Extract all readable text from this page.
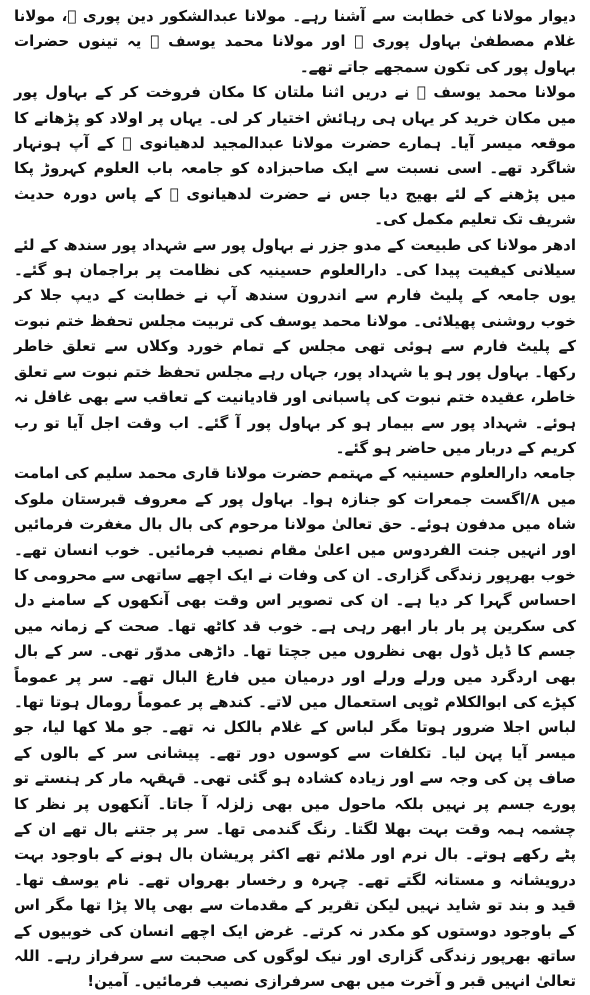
دیوار مولانا کی خطابت سے آشنا رہے۔ مولانا عبدالشکور دین پوری ﷫، مولانا غلام مصطفیٰ بہاول پوری ﷫ اور مولانا محمد یوسف ﷫ یہ تینوں حضرات بہاول پور کی تکون سمجھے جاتے تھے۔

مولانا محمد یوسف ﷫ نے دریں اثنا ملتان کا مکان فروخت کر کے بہاول پور میں مکان خرید کر یہاں ہی رہائش اختیار کر لی۔ یہاں پر اولاد کو پڑھانے کا موقعہ میسر آیا۔ ہمارے حضرت مولانا عبدالمجید لدھیانوی ﷫ کے آپ ہونہار شاگرد تھے۔ اسی نسبت سے ایک صاحبزادہ کو جامعہ باب العلوم کہروڑ پکا میں پڑھنے کے لئے بھیج دیا جس نے حضرت لدھیانوی ﷫ کے پاس دورہ حدیث شریف تک تعلیم مکمل کی۔

ادھر مولانا کی طبیعت کے مدو جزر نے بہاول پور سے شہداد پور سندھ کے لئے سیلانی کیفیت پیدا کی۔ دارالعلوم حسینیہ کی نظامت پر براجمان ہو گئے۔ یوں جامعہ کے پلیٹ فارم سے اندرون سندھ آپ نے خطابت کے دیپ جلا کر خوب روشنی پھیلائی۔ مولانا محمد یوسف کی تربیت مجلس تحفظ ختم نبوت کے پلیٹ فارم سے ہوئی تھی مجلس کے تمام خورد وکلاں سے تعلق خاطر رکھا۔ بہاول پور ہو یا شہداد پور، جہاں رہے مجلس تحفظ ختم نبوت سے تعلق خاطر، عقیدہ ختم نبوت کی پاسبانی اور قادیانیت کے تعاقب سے بھی غافل نہ ہوئے۔ شہداد پور سے بیمار ہو کر بہاول پور آ گئے۔ اب وقت اجل آیا تو رب کریم کے دربار میں حاضر ہو گئے۔

جامعہ دارالعلوم حسینیہ کے مہتمم حضرت مولانا قاری محمد سلیم کی امامت میں ۸/اگست جمعرات کو جنازہ ہوا۔ بہاول پور کے معروف قبرستان ملوک شاہ میں مدفون ہوئے۔ حق تعالیٰ مولانا مرحوم کی بال بال مغفرت فرمائیں اور انہیں جنت الفردوس میں اعلیٰ مقام نصیب فرمائیں۔ خوب انسان تھے۔ خوب بھرپور زندگی گزاری۔ ان کی وفات نے ایک اچھے ساتھی سے محرومی کا احساس گہرا کر دیا ہے۔ ان کی تصویر اس وقت بھی آنکھوں کے سامنے دل کی سکرین پر بار بار ابھر رہی ہے۔ خوب قد کاٹھ تھا۔ صحت کے زمانہ میں جسم کا ڈیل ڈول بھی نظروں میں جچتا تھا۔ داڑھی مدوّر تھی۔ سر کے بال بھی اردگرد میں ورلے ورلے اور درمیان میں فارغ البال تھے۔ سر پر عموماً کپڑے کی ابوالکلام ٹوپی استعمال میں لاتے۔ کندھے پر عموماً رومال ہوتا تھا۔ لباس اجلا ضرور ہوتا مگر لباس کے غلام بالکل نہ تھے۔ جو ملا کھا لیا، جو میسر آیا پہن لیا۔ تکلفات سے کوسوں دور تھے۔ پیشانی سر کے بالوں کے صاف پن کی وجہ سے اور زیادہ کشادہ ہو گئی تھی۔ قہقہہ مار کر ہنستے تو پورے جسم پر نہیں بلکہ ماحول میں بھی زلزلہ آ جاتا۔ آنکھوں پر نظر کا چشمہ ہمہ وقت بہت بھلا لگتا۔ رنگ گندمی تھا۔ سر پر جتنے بال تھے ان کے پٹے رکھے ہوتے۔ بال نرم اور ملائم تھے اکثر پریشان بال ہونے کے باوجود بہت درویشانہ و مستانہ لگتے تھے۔ چہرہ و رخسار بھرواں تھے۔ نام یوسف تھا۔ قید و بند تو شاید نہیں لیکن تقریر کے مقدمات سے بھی پالا پڑا تھا مگر اس کے باوجود دوستوں کو مکدر نہ کرتے۔ غرض ایک اچھے انسان کی خوبیوں کے ساتھ بھرپور زندگی گزاری اور نیک لوگوں کی صحبت سے سرفراز رہے۔ اللہ تعالیٰ انہیں قبر و آخرت میں بھی سرفرازی نصیب فرمائیں۔ آمین!
